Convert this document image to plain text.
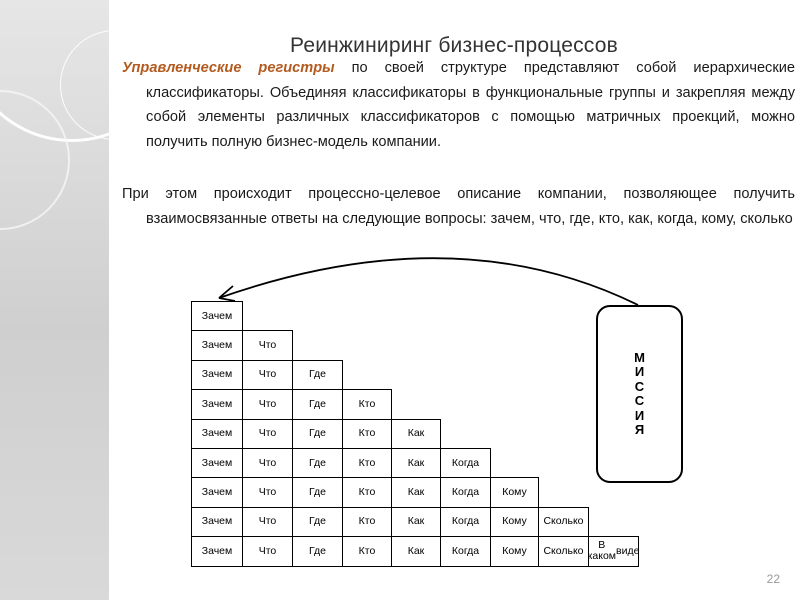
Реинжиниринг бизнес-процессов
Управленческие регистры по своей структуре представляют собой иерархические классификаторы. Объединяя классификаторы в функциональные группы и закрепляя между собой элементы различных классификаторов с помощью матричных проекций, можно получить полную бизнес-модель компании.
При этом происходит процессно-целевое описание компании, позволяющее получить взаимосвязанные ответы на следующие вопросы: зачем, что, где, кто, как, когда, кому, сколько
Зачем
Зачем	Что
Зачем	Что	Где
Зачем	Что	Где	Кто
Зачем	Что	Где	Кто	Как
Зачем	Что	Где	Кто	Как	Когда
Зачем	Что	Где	Кто	Как	Когда	Кому
Зачем	Что	Где	Кто	Как	Когда	Кому	Сколько
Зачем	Что	Где	Кто	Как	Когда	Кому	Сколько	В каком виде
М
И
С
С
И
Я
22
